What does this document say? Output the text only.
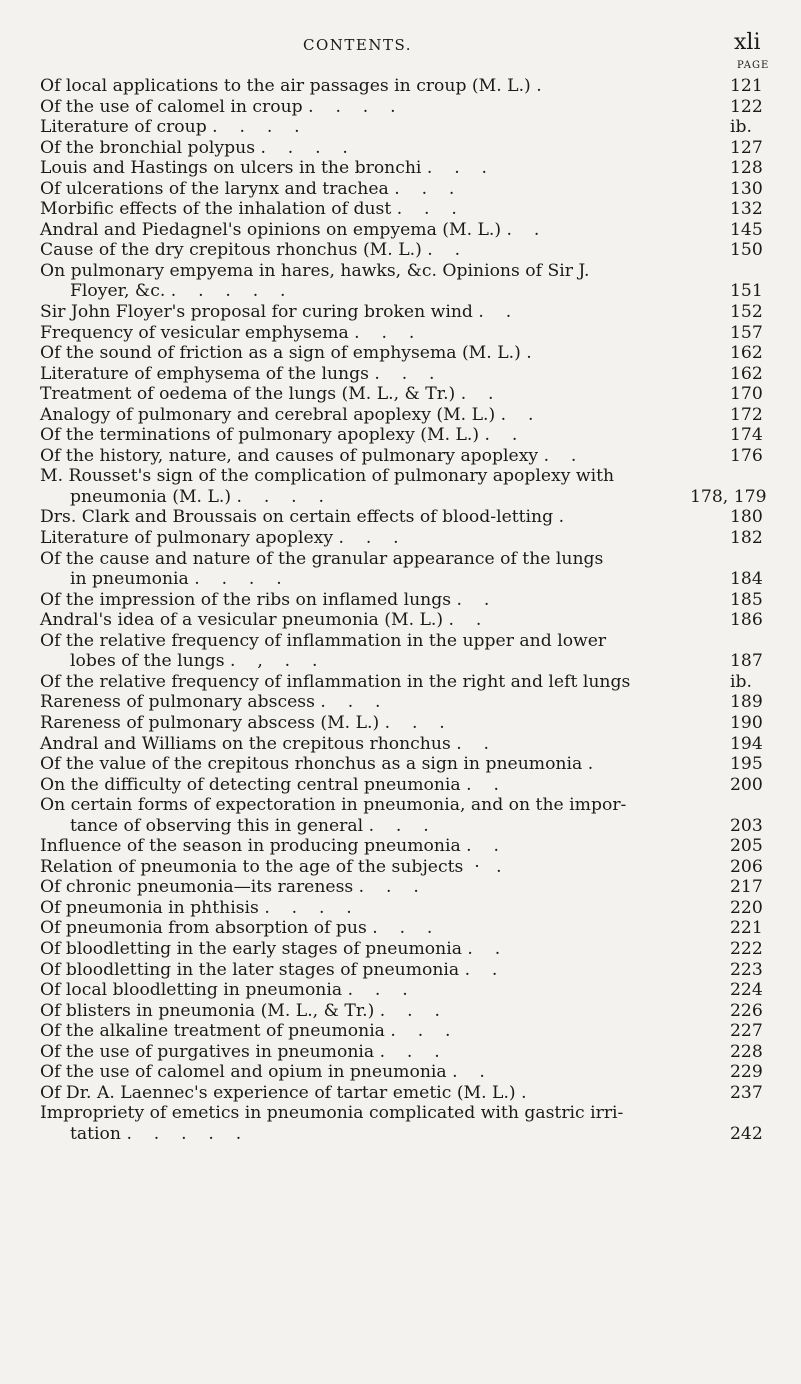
CONTENTS.	xli
PAGE
Of local applications to the air passages in croup (M. L.) .	121
Of the use of calomel in croup .    .    .    .	122
Literature of croup .    .    .    .	ib.
Of the bronchial polypus .    .    .    .	127
Louis and Hastings on ulcers in the bronchi .    .    .	128
Of ulcerations of the larynx and trachea .    .    .	130
Morbific effects of the inhalation of dust .    .    .	132
Andral and Piedagnel's opinions on empyema (M. L.) .    .	145
Cause of the dry crepitous rhonchus (M. L.) .    .	150
On pulmonary empyema in hares, hawks, &c. Opinions of Sir J.
Floyer, &c. .    .    .    .    .	151
Sir John Floyer's proposal for curing broken wind .    .	152
Frequency of vesicular emphysema .    .    .	157
Of the sound of friction as a sign of emphysema (M. L.) .	162
Literature of emphysema of the lungs .    .    .	162
Treatment of oedema of the lungs (M. L., & Tr.) .    .	170
Analogy of pulmonary and cerebral apoplexy (M. L.) .    .	172
Of the terminations of pulmonary apoplexy (M. L.) .    .	174
Of the history, nature, and causes of pulmonary apoplexy .    .	176
M. Rousset's sign of the complication of pulmonary apoplexy with
pneumonia (M. L.) .    .    .    .	178, 179
Drs. Clark and Broussais on certain effects of blood-letting .	180
Literature of pulmonary apoplexy .    .    .	182
Of the cause and nature of the granular appearance of the lungs
in pneumonia .    .    .    .	184
Of the impression of the ribs on inflamed lungs .    .	185
Andral's idea of a vesicular pneumonia (M. L.) .    .	186
Of the relative frequency of inflammation in the upper and lower
lobes of the lungs .    ,    .    .	187
Of the relative frequency of inflammation in the right and left lungs	ib.
Rareness of pulmonary abscess .    .    .	189
Rareness of pulmonary abscess (M. L.) .    .    .	190
Andral and Williams on the crepitous rhonchus .    .	194
Of the value of the crepitous rhonchus as a sign in pneumonia .	195
On the difficulty of detecting central pneumonia .    .	200
On certain forms of expectoration in pneumonia, and on the impor-
tance of observing this in general .    .    .	203
Influence of the season in producing pneumonia .    .	205
Relation of pneumonia to the age of the subjects  ·   .	206
Of chronic pneumonia—its rareness .    .    .	217
Of pneumonia in phthisis .    .    .    .	220
Of pneumonia from absorption of pus .    .    .	221
Of bloodletting in the early stages of pneumonia .    .	222
Of bloodletting in the later stages of pneumonia .    .	223
Of local bloodletting in pneumonia .    .    .	224
Of blisters in pneumonia (M. L., & Tr.) .    .    .	226
Of the alkaline treatment of pneumonia .    .    .	227
Of the use of purgatives in pneumonia .    .    .	228
Of the use of calomel and opium in pneumonia .    .	229
Of Dr. A. Laennec's experience of tartar emetic (M. L.) .	237
Impropriety of emetics in pneumonia complicated with gastric irri-
tation .    .    .    .    .	242
